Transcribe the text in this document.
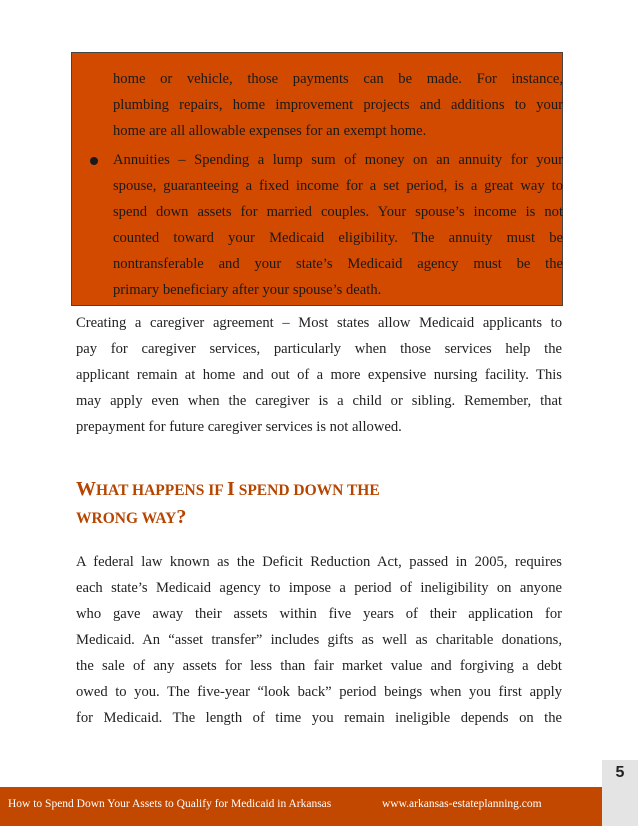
home or vehicle, those payments can be made. For instance,
plumbing repairs, home improvement projects and additions to your
home are all allowable expenses for an exempt home.
Annuities – Spending a lump sum of money on an annuity for your
spouse, guaranteeing a fixed income for a set period, is a great way to
spend down assets for married couples. Your spouse’s income is not
counted toward your Medicaid eligibility. The annuity must be
nontransferable and your state’s Medicaid agency must be the
primary beneficiary after your spouse’s death.
Creating a caregiver agreement – Most states allow Medicaid applicants to
pay for caregiver services, particularly when those services help the
applicant remain at home and out of a more expensive nursing facility. This
may apply even when the caregiver is a child or sibling. Remember, that
prepayment for future caregiver services is not allowed.
WHAT HAPPENS IF I SPEND DOWN THE
WRONG WAY?
A federal law known as the Deficit Reduction Act, passed in 2005, requires
each state’s Medicaid agency to impose a period of ineligibility on anyone
who gave away their assets within five years of their application for
Medicaid. An “asset transfer” includes gifts as well as charitable donations,
the sale of any assets for less than fair market value and forgiving a debt
owed to you. The five-year “look back” period beings when you first apply
for Medicaid. The length of time you remain ineligible depends on the
How to Spend Down Your Assets to Qualify for Medicaid in Arkansas	www.arkansas-estateplanning.com
5
